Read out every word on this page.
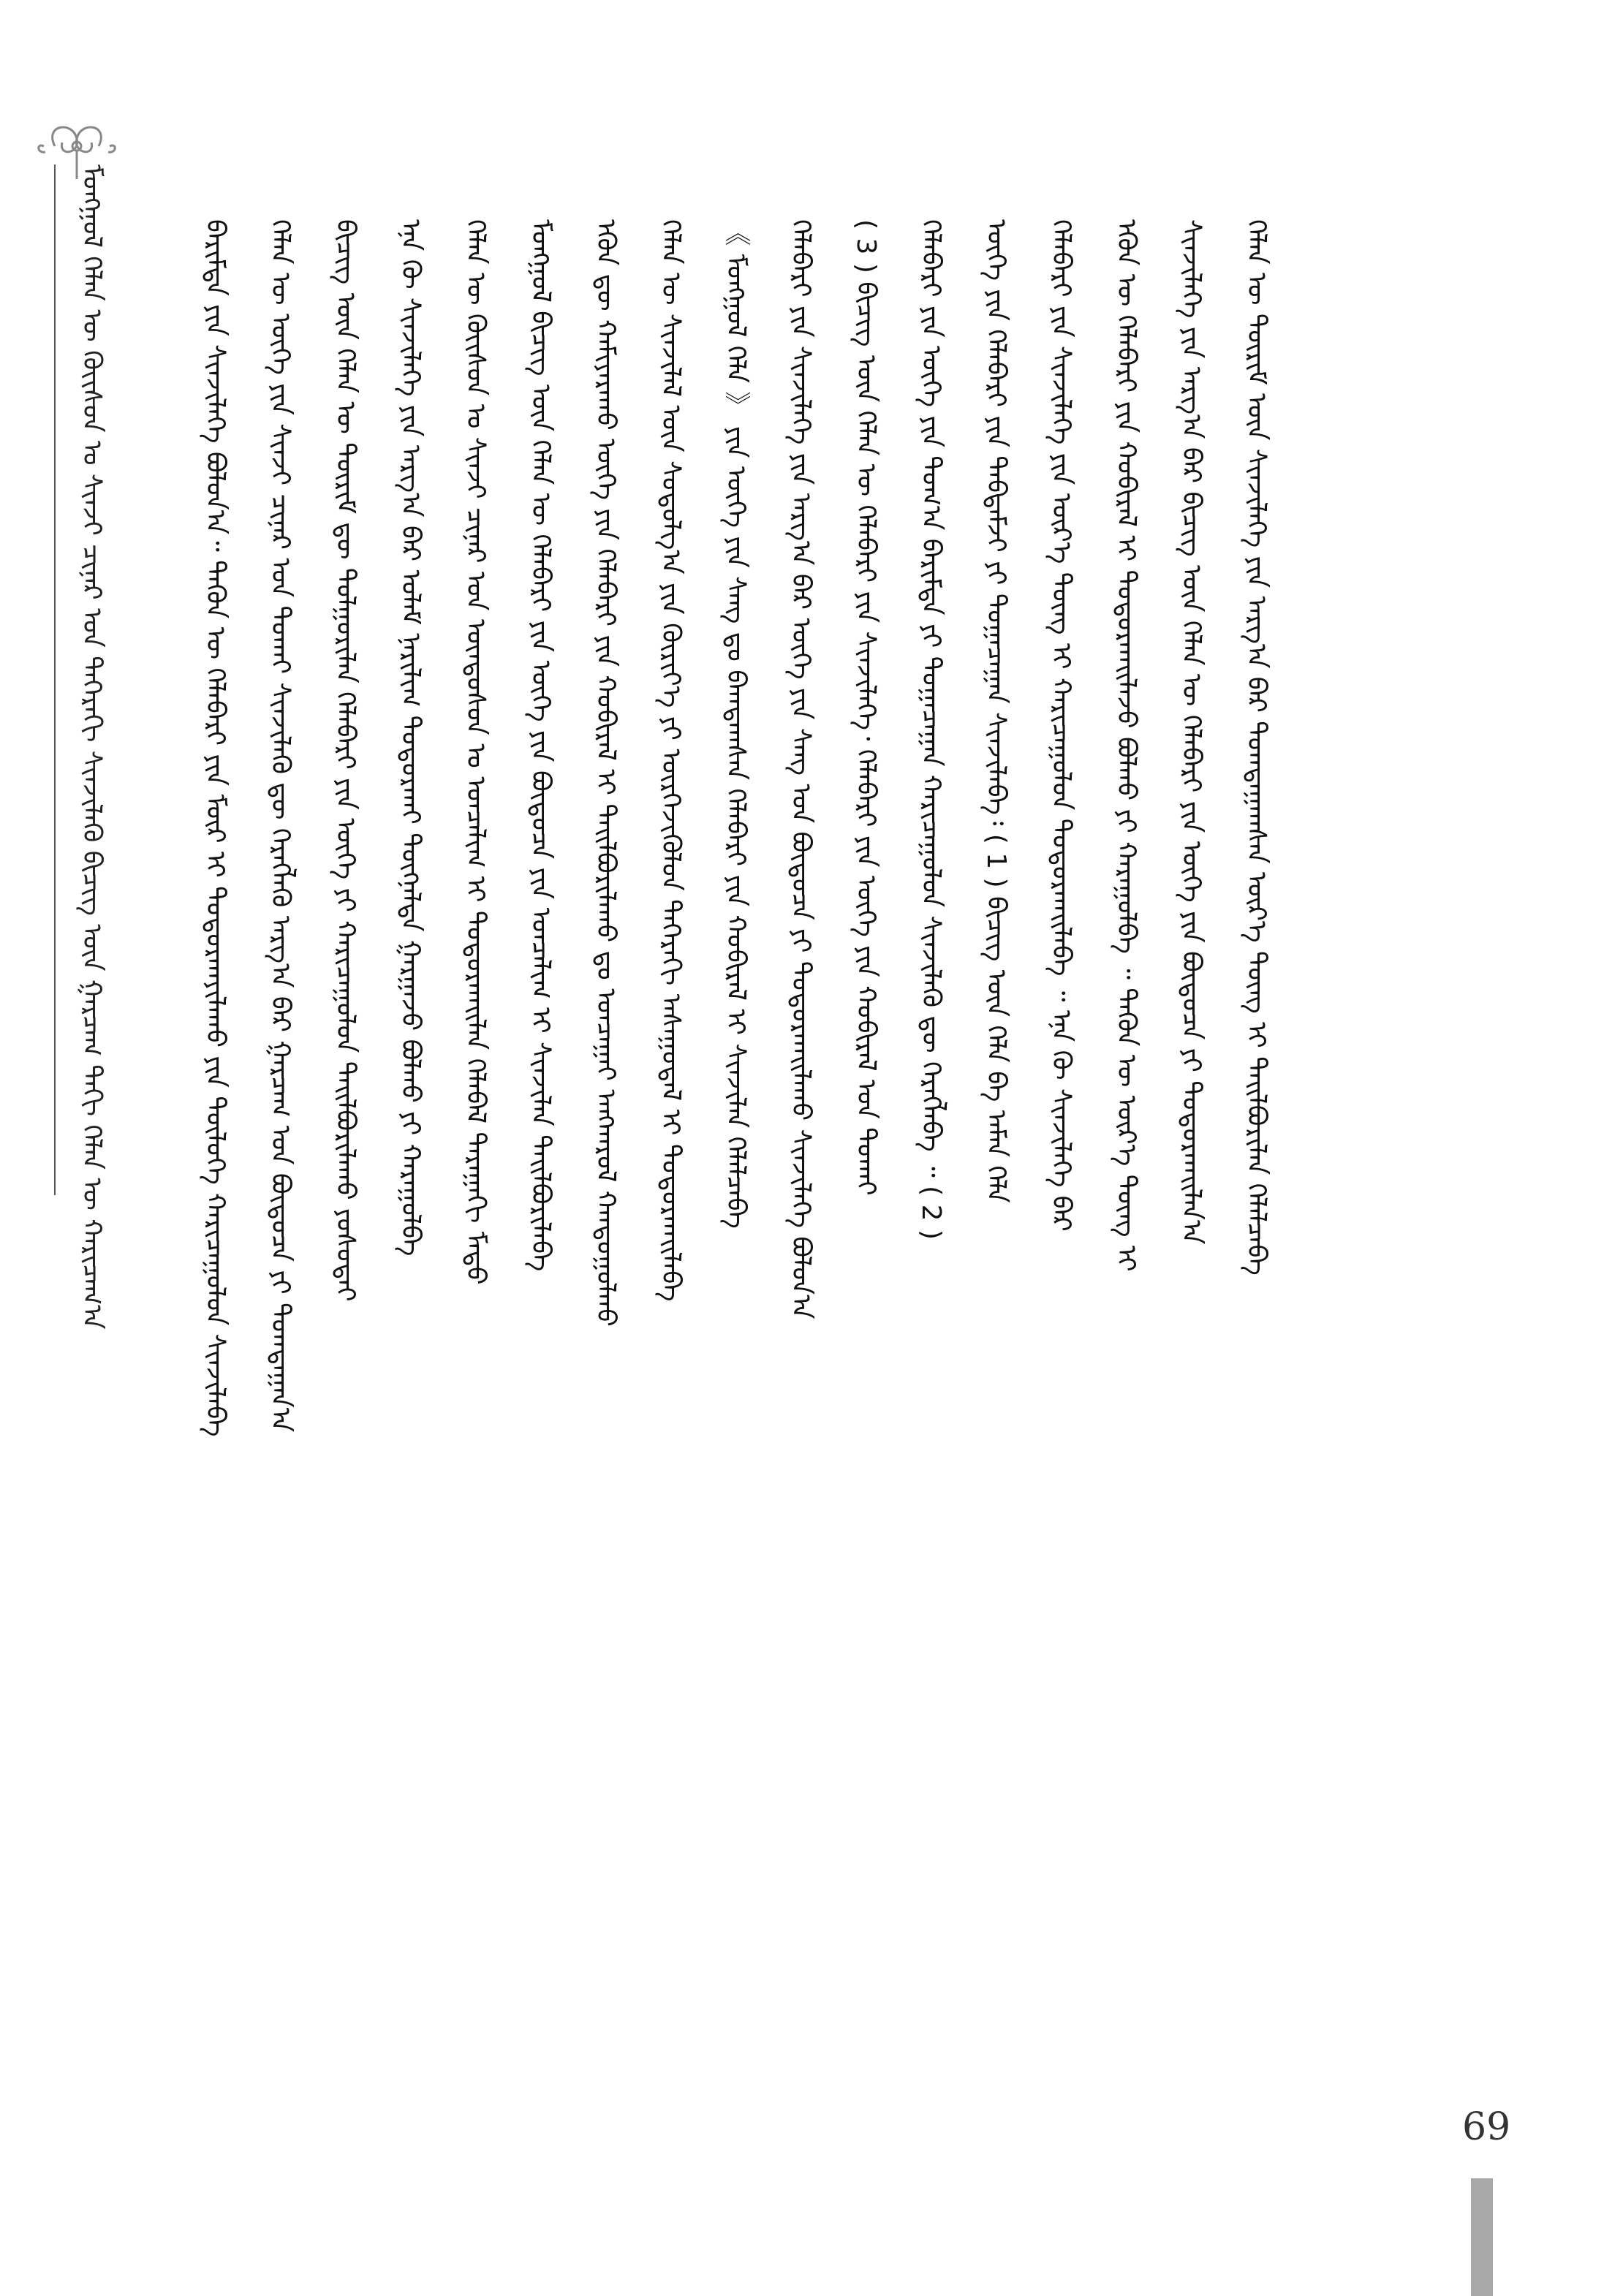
ᠮᠣᠩᠭᠣᠯ ᠬᠡᠯᠡᠨ ᠦ ᠬᠦᠢᠰᠦᠨ ᠤ ᠰᠢᠨᠵᠢ ᠴᠢᠨᠠᠷ ᠤᠨ ᠳᠡᠭᠡᠷᠡᠬᠢ ᠰᠢᠨᠵᠢᠯᠡᠬᠦ ᠪᠢᠴᠢᠭ ᠦᠨ ᠭᠠᠷᠴᠠᠭ ᠳᠠᠬᠢ ᠬᠡᠯᠡᠨ ᠦ ᠬᠠᠷᠢᠴᠠᠭ᠎ᠠ	ᠪᠠᠷᠢᠮᠲᠠ ᠶᠢᠨ ᠰᠢᠨᠵᠢᠯᠡᠭᠡ ᠪᠣᠯᠤᠨ᠎ᠠ᠃ ᠲᠡᠭᠦᠨ ᠦ ᠬᠡᠯᠡᠪᠡᠷᠢ ᠶᠢᠨ ᠮᠥᠷ ᠢ ᠲᠣᠳᠣᠷᠬᠠᠶᠢᠯᠠᠬᠤ ᠶᠢᠨ ᠲᠥᠯᠥᠭᠡ ᠬᠠᠷᠢᠴᠠᠭᠤᠯᠤᠨ ᠰᠢᠨᠵᠢᠯᠡᠪᠡ	ᠬᠡᠯᠡᠨ ᠦ ᠦᠭᠡ ᠶᠢᠨ ᠰᠢᠨᠵᠢ ᠴᠢᠨᠠᠷ ᠤᠨ ᠲᠤᠬᠠᠢ ᠰᠢᠨᠵᠢᠯᠡᠬᠦ ᠳᠦ ᠬᠡᠷᠡᠭᠯᠡᠬᠦ ᠠᠷᠭ᠎ᠠ ᠪᠠᠷ ᠭᠠᠷᠴᠠᠭ ᠤᠨ ᠪᠦᠲᠦᠴᠡ ᠶᠢ ᠲᠣᠭᠲᠠᠭᠠᠨ᠎ᠠ	ᠪᠢᠴᠢᠭ ᠦᠨ ᠬᠡᠯᠡᠨ ᠦ ᠳᠦᠷᠢᠮ ᠳᠦ ᠲᠤᠯᠭᠤᠷᠢᠯᠠᠨ ᠬᠡᠯᠡᠪᠡᠷᠢ ᠶᠢᠨ ᠦᠭᠡ ᠶᠢ ᠬᠠᠷᠢᠴᠠᠭᠤᠯᠤᠨ ᠲᠠᠢᠯᠪᠤᠷᠢᠯᠠᠬᠤ ᠶᠤᠰᠤᠲᠠᠢ	ᠡᠨᠡ ᠬᠦ ᠰᠢᠨᠵᠢᠯᠡᠭᠡ ᠶᠢᠨ ᠠᠷᠭ᠎ᠠ ᠪᠠᠷ ᠤᠯᠠᠮ ᠨᠠᠷᠢᠯᠢᠭ ᠲᠣᠳᠣᠷᠬᠠᠢ ᠳᠦᠭᠨᠡᠯᠲᠡ ᠭᠠᠷᠭᠠᠵᠤ ᠪᠣᠯᠬᠤ ᠶᠢ ᠬᠠᠷᠠᠭᠤᠯᠪᠠ	ᠬᠡᠯᠡᠨ ᠦ ᠬᠦᠢᠰᠦᠨ ᠤ ᠰᠢᠨᠵᠢ ᠴᠢᠨᠠᠷ ᠤᠨ ᠦᠨᠳᠦᠰᠦᠨ ᠤ ᠣᠨᠴᠠᠯᠢᠭ ᠢ ᠲᠣᠳᠣᠷᠬᠠᠢᠯᠠᠨ ᠬᠡᠯᠡᠪᠡᠯ ᠳᠠᠷᠠᠭᠠᠬᠢ ᠮᠡᠲᠦ	ᠮᠣᠩᠭᠣᠯ ᠪᠢᠴᠢᠭ ᠦᠨ ᠬᠡᠯᠡᠨ ᠦ ᠬᠡᠯᠡᠪᠡᠷᠢ ᠶᠢᠨ ᠦᠭᠡ ᠶᠢᠨ ᠪᠦᠲᠦᠴᠡ ᠶᠢᠨ ᠣᠨᠴᠠᠯᠢᠭ ᠢ ᠰᠢᠨᠵᠢᠯᠡᠨ ᠲᠠᠢᠯᠪᠤᠷᠢᠯᠠᠪᠠ	ᠡᠭᠦᠨ ᠳᠦ ᠬᠠᠮᠢᠶᠠᠷᠠᠬᠤ ᠦᠭᠡ ᠶᠢᠨ ᠬᠡᠯᠡᠪᠡᠷᠢ ᠶᠢᠨ ᠬᠤᠪᠢᠷᠠᠯ ᠢ ᠲᠠᠢᠯᠪᠤᠷᠢᠯᠠᠬᠤ ᠳᠤ ᠣᠨᠴᠠᠭᠠᠢ ᠠᠩᠬᠠᠷᠤᠯ ᠬᠠᠨᠳᠤᠭᠤᠯᠬᠤ	ᠬᠡᠯᠡᠨ ᠦ ᠰᠢᠨᠵᠢᠯᠡᠯ ᠦᠨ ᠰᠤᠳᠤᠯᠭ᠎ᠠ ᠶᠢᠨ ᠬᠦᠷᠢᠶ᠎ᠡ ᠶᠢ ᠦᠷᠭᠡᠵᠢᠭᠦᠯᠦᠨ ᠳᠡᠭᠡᠷᠡᠬᠢ ᠠᠰᠠᠭᠤᠳᠠᠯ ᠢ ᠲᠣᠳᠣᠷᠬᠠᠢᠯᠠᠪᠠ	《 ᠮᠣᠩᠭᠣᠯ ᠬᠡᠯᠡ 》 ᠶᠢᠨ ᠦᠭᠡ ᠶᠢᠨ ᠰᠠᠩ ᠳᠤ ᠪᠠᠭᠲᠠᠭᠰᠠᠨ ᠬᠡᠯᠡᠪᠡᠷᠢ ᠶᠢᠨ ᠬᠤᠪᠢᠷᠠᠯ ᠢ ᠰᠢᠨᠵᠢᠯᠡᠨ ᠬᠡᠯᠡᠯᠴᠡᠪᠡ	ᠬᠡᠯᠡᠪᠡᠷᠢ ᠶᠢᠨ ᠰᠢᠨᠵᠢᠯᠡᠭᠡ ᠶᠢᠨ ᠠᠷᠭ᠎ᠠ ᠪᠠᠷ ᠦᠭᠡ ᠶᠢᠨ ᠰᠠᠩ ᠤᠨ ᠪᠦᠲᠦᠴᠡ ᠶᠢ ᠲᠣᠳᠣᠷᠬᠠᠢᠯᠠᠬᠤ ᠰᠢᠨᠵᠢᠯᠡᠭᠡ ᠪᠣᠯᠤᠨ᠎ᠠ	( 3 ) ᠪᠢᠴᠢᠭ ᠦᠨ ᠬᠡᠯᠡᠨ ᠦ ᠬᠡᠯᠡᠪᠡᠷᠢ ᠶᠢᠨ ᠰᠢᠨᠵᠢᠯᠡᠭᠡ᠂ ᠬᠡᠯᠡᠪᠡᠷᠢ ᠶᠢᠨ ᠦᠭᠡ ᠶᠢᠨ ᠬᠤᠪᠢᠷᠠᠯ ᠤᠨ ᠲᠤᠬᠠᠢ	ᠬᠡᠯᠡᠪᠡᠷᠢ ᠶᠢᠨ ᠦᠭᠡ ᠶᠢᠨ ᠲᠣᠭ᠎ᠠ ᠪᠠᠷᠢᠮᠲᠠ ᠶᠢ ᠲᠣᠭᠠᠴᠠᠭᠠᠨ ᠬᠠᠷᠢᠴᠠᠭᠤᠯᠤᠨ ᠰᠢᠨᠵᠢᠯᠡᠬᠦ ᠳᠦ ᠬᠡᠷᠡᠭᠯᠡᠪᠡ ᠃ ( 2 )	ᠦᠭᠡ ᠶᠢᠨ ᠬᠡᠯᠡᠪᠡᠷᠢ ᠶᠢᠨ ᠳᠠᠪᠲᠠᠮᠵᠢ ᠶᠢ ᠲᠣᠭᠠᠴᠠᠭᠠᠨ ᠰᠢᠨᠵᠢᠯᠡᠪᠡ᠄ ( 1 ) ᠪᠢᠴᠢᠭ ᠦᠨ ᠬᠡᠯᠡ ᠪᠠ ᠠᠮᠠᠨ ᠬᠡᠯᠡ	ᠬᠡᠯᠡᠪᠡᠷᠢ ᠶᠢᠨ ᠰᠢᠨᠵᠢᠯᠡᠭᠡ ᠶᠢᠨ ᠦᠷ᠎ᠡ ᠳᠦᠩ ᠢ ᠬᠠᠷᠢᠴᠠᠭᠤᠯᠤᠨ ᠲᠣᠳᠣᠷᠬᠠᠢᠯᠠᠪᠠ ᠃ ᠡᠨᠡ ᠬᠦ ᠰᠢᠨᠵᠢᠯᠡᠭᠡ ᠪᠡᠷ	ᠡᠭᠦᠨ ᠦ ᠬᠡᠯᠡᠪᠡᠷᠢ ᠶᠢᠨ ᠬᠤᠪᠢᠷᠠᠯ ᠢ ᠲᠣᠳᠣᠷᠬᠠᠢᠯᠠᠵᠤ ᠪᠣᠯᠬᠤ ᠶᠢ ᠬᠠᠷᠠᠭᠤᠯᠪᠠ ᠃ ᠲᠡᠭᠦᠨ ᠦ ᠦᠷ᠎ᠡ ᠳᠦᠩ ᠢ	ᠰᠢᠨᠵᠢᠯᠡᠭᠡ ᠶᠢᠨ ᠠᠷᠭ᠎ᠠ ᠪᠠᠷ ᠪᠢᠴᠢᠭ ᠦᠨ ᠬᠡᠯᠡᠨ ᠦ ᠬᠡᠯᠡᠪᠡᠷᠢ ᠶᠢᠨ ᠦᠭᠡ ᠶᠢᠨ ᠪᠦᠲᠦᠴᠡ ᠶᠢ ᠲᠣᠳᠣᠷᠬᠠᠢᠯᠠᠨ᠎ᠠ	ᠬᠡᠯᠡᠨ ᠦ ᠳᠦᠷᠢᠮ ᠦᠨ ᠰᠢᠨᠵᠢᠯᠡᠭᠡ ᠶᠢᠨ ᠠᠷᠭ᠎ᠠ ᠪᠠᠷ ᠲᠣᠭᠲᠠᠭᠠᠭᠰᠠᠨ ᠦᠷ᠎ᠡ ᠳᠦᠩ ᠢ ᠲᠠᠢᠯᠪᠤᠷᠢᠯᠠᠨ ᠬᠡᠯᠡᠯᠴᠡᠪᠡ
69
